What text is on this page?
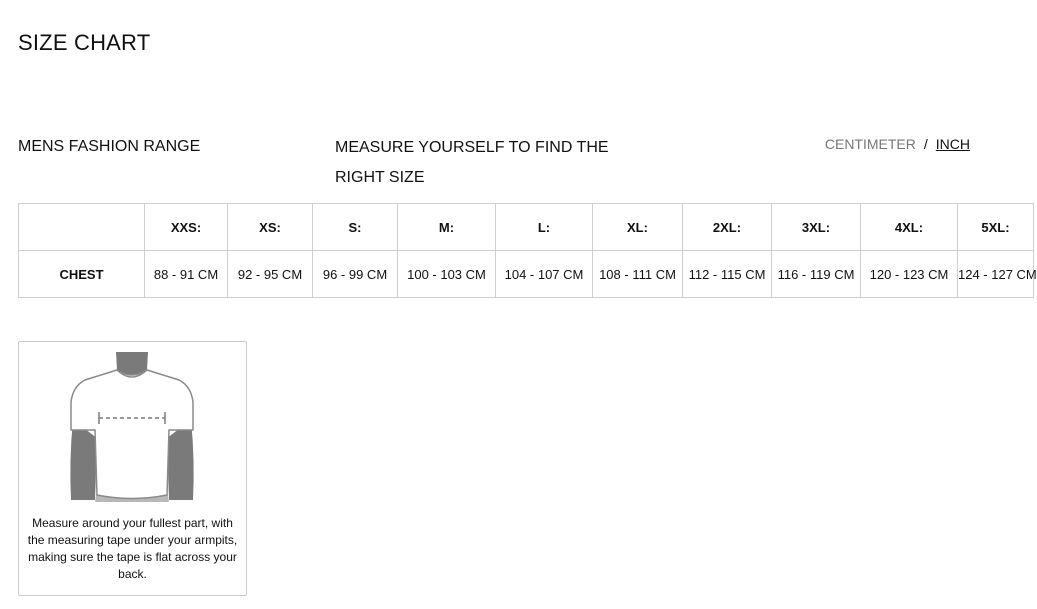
SIZE CHART
MENS FASHION RANGE	MEASURE YOURSELF TO FIND THE RIGHT SIZE
CENTIMETER / INCH
	XXS:	XS:	S:	M:	L:	XL:	2XL:	3XL:	4XL:	5XL:
CHEST	88 - 91 CM	92 - 95 CM	96 - 99 CM	100 - 103 CM	104 - 107 CM	108 - 111 CM	112 - 115 CM	116 - 119 CM	120 - 123 CM	124 - 127 CM
Measure around your fullest part, with the measuring tape under your armpits, making sure the tape is flat across your back.
